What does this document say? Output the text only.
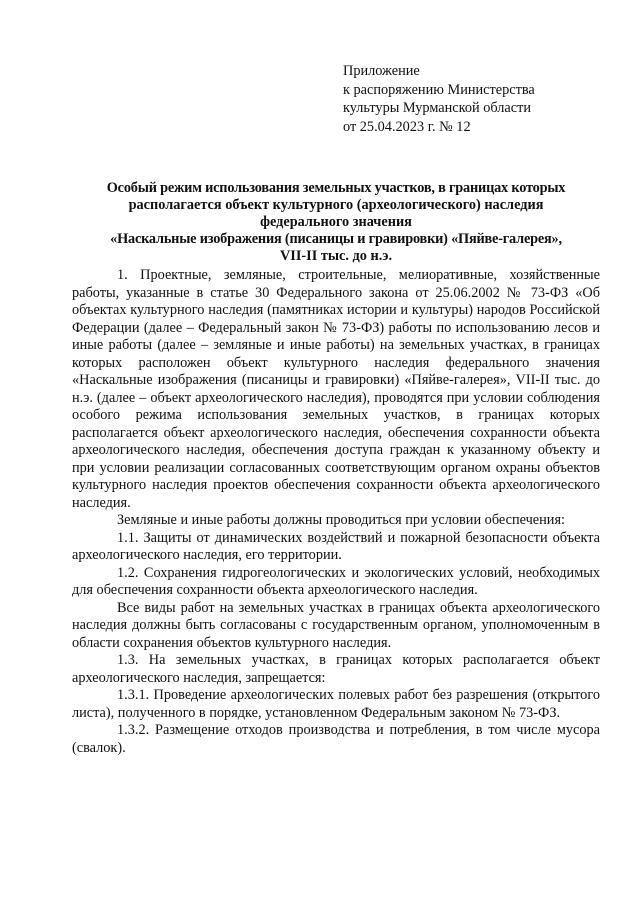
Приложение
к распоряжению Министерства
культуры Мурманской области
от 25.04.2023 г. № 12
Особый режим использования земельных участков, в границах которых
располагается объект культурного (археологического) наследия
федерального значения
«Наскальные изображения (писаницы и гравировки) «Пяйве-галерея»,
VII-II тыс. до н.э.

1. Проектные, земляные, строительные, мелиоративные, хозяйственные работы, указанные в статье 30 Федерального закона от 25.06.2002 № 73-ФЗ «Об объектах культурного наследия (памятниках истории и культуры) народов Российской Федерации (далее – Федеральный закон № 73-ФЗ) работы по использованию лесов и иные работы (далее – земляные и иные работы) на земельных участках, в границах которых расположен объект культурного наследия федерального значения «Наскальные изображения (писаницы и гравировки) «Пяйве-галерея», VII-II тыс. до н.э. (далее – объект археологического наследия), проводятся при условии соблюдения особого режима использования земельных участков, в границах которых располагается объект археологического наследия, обеспечения сохранности объекта археологического наследия, обеспечения доступа граждан к указанному объекту и при условии реализации согласованных соответствующим органом охраны объектов культурного наследия проектов обеспечения сохранности объекта археологического наследия.

Земляные и иные работы должны проводиться при условии обеспечения:

1.1. Защиты от динамических воздействий и пожарной безопасности объекта археологического наследия, его территории.

1.2. Сохранения гидрогеологических и экологических условий, необходимых для обеспечения сохранности объекта археологического наследия.

Все виды работ на земельных участках в границах объекта археологического наследия должны быть согласованы с государственным органом, уполномоченным в области сохранения объектов культурного наследия.

1.3. На земельных участках, в границах которых располагается объект археологического наследия, запрещается:

1.3.1. Проведение археологических полевых работ без разрешения (открытого листа), полученного в порядке, установленном Федеральным законом № 73-ФЗ.

1.3.2. Размещение отходов производства и потребления, в том числе мусора (свалок).
